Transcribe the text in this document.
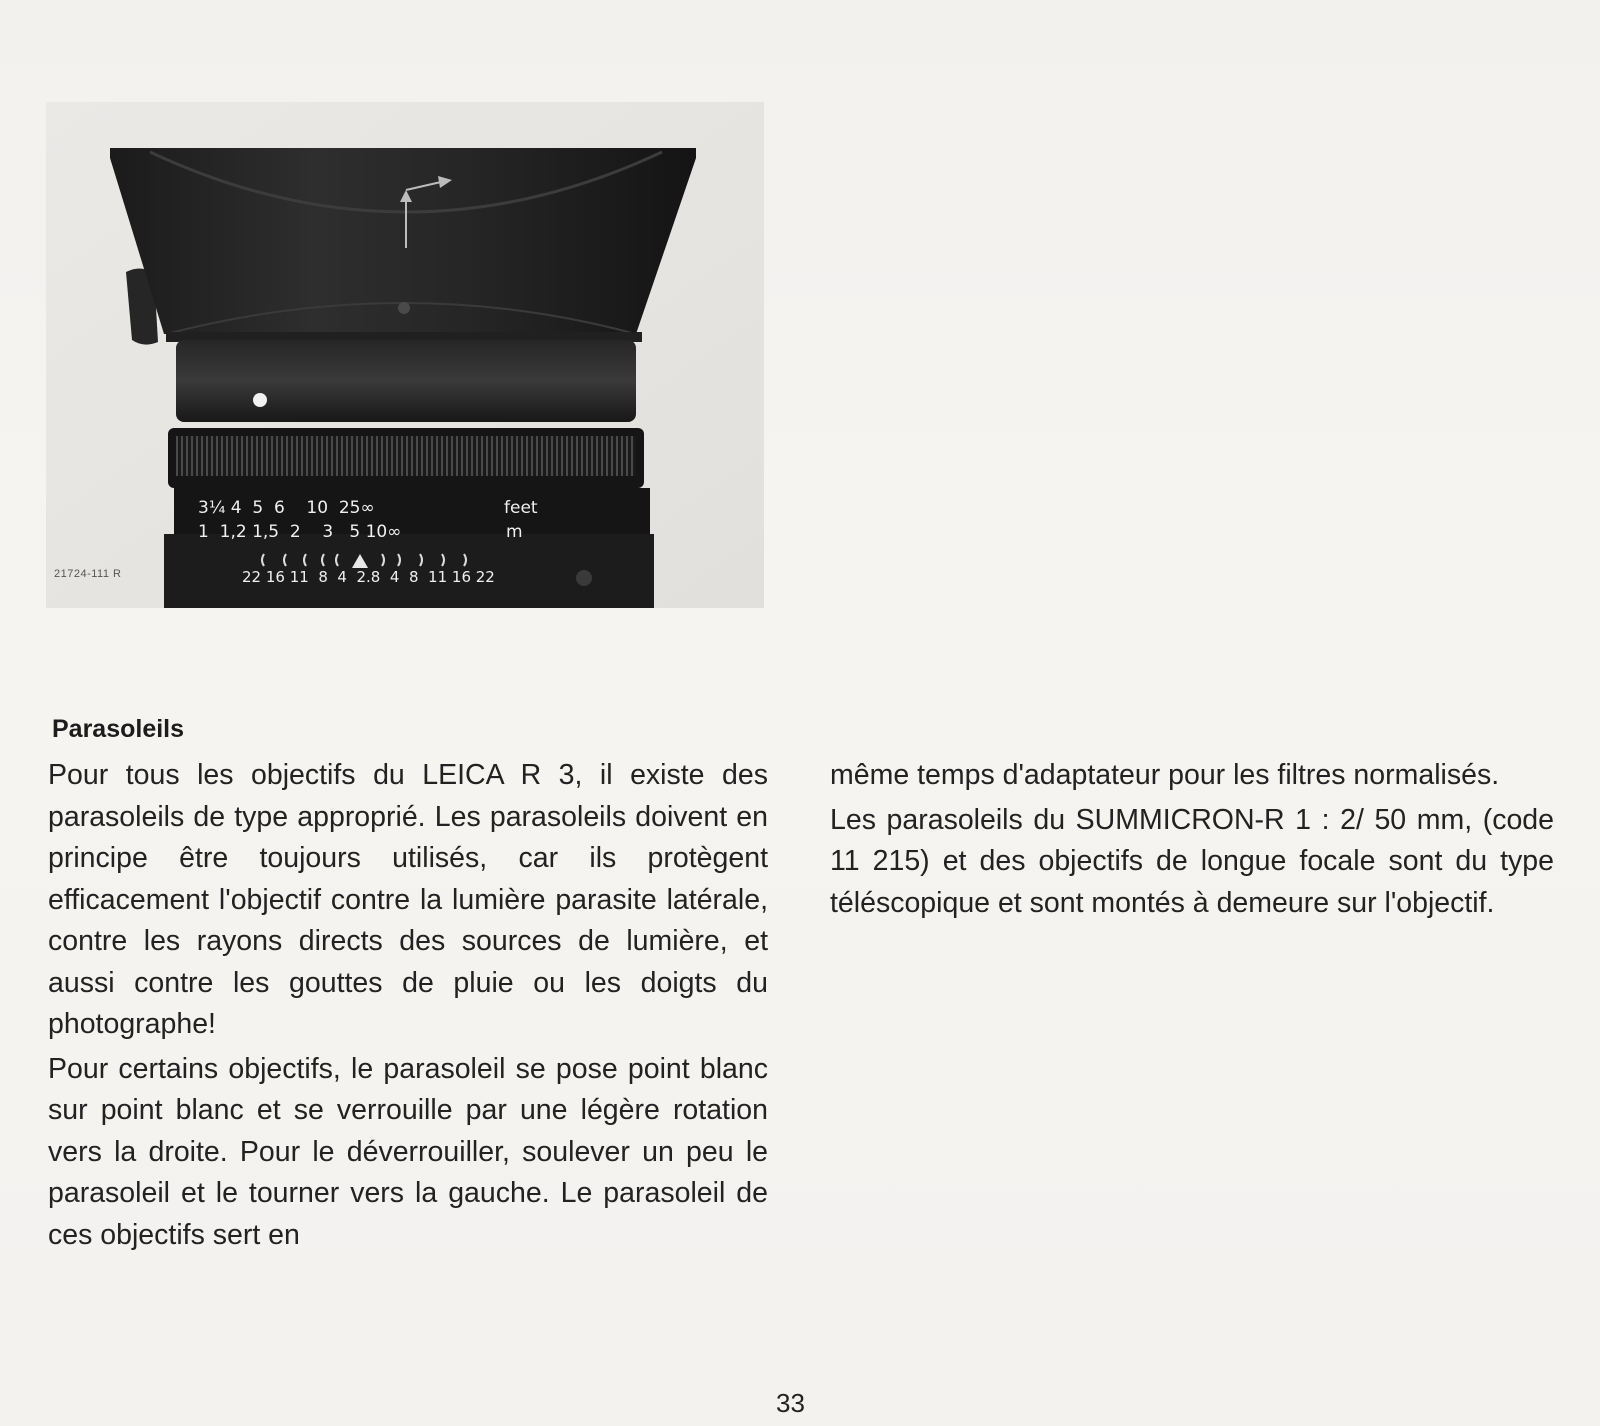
3¼ 4  5  6    10  25∞	feet
1  1,2 1,5  2    3   5 10∞	m
22 16 11  8  4  2.8  4  8  11 16 22
21724-111 R
Parasoleils

Pour tous les objectifs du LEICA R 3, il existe des parasoleils de type approprié. Les parasoleils doivent en principe être toujours utilisés, car ils protègent efficacement l'objectif contre la lumière parasite latérale, contre les rayons directs des sources de lumière, et aussi contre les gouttes de pluie ou les doigts du photographe!

Pour certains objectifs, le parasoleil se pose point blanc sur point blanc et se verrouille par une légère rotation vers la droite. Pour le déverrouiller, soulever un peu le parasoleil et le tourner vers la gauche. Le parasoleil de ces objectifs sert en

même temps d'adaptateur pour les filtres normalisés.

Les parasoleils du SUMMICRON-R 1 : 2/ 50 mm, (code 11 215) et des objectifs de longue focale sont du type téléscopique et sont montés à demeure sur l'objectif.

33
